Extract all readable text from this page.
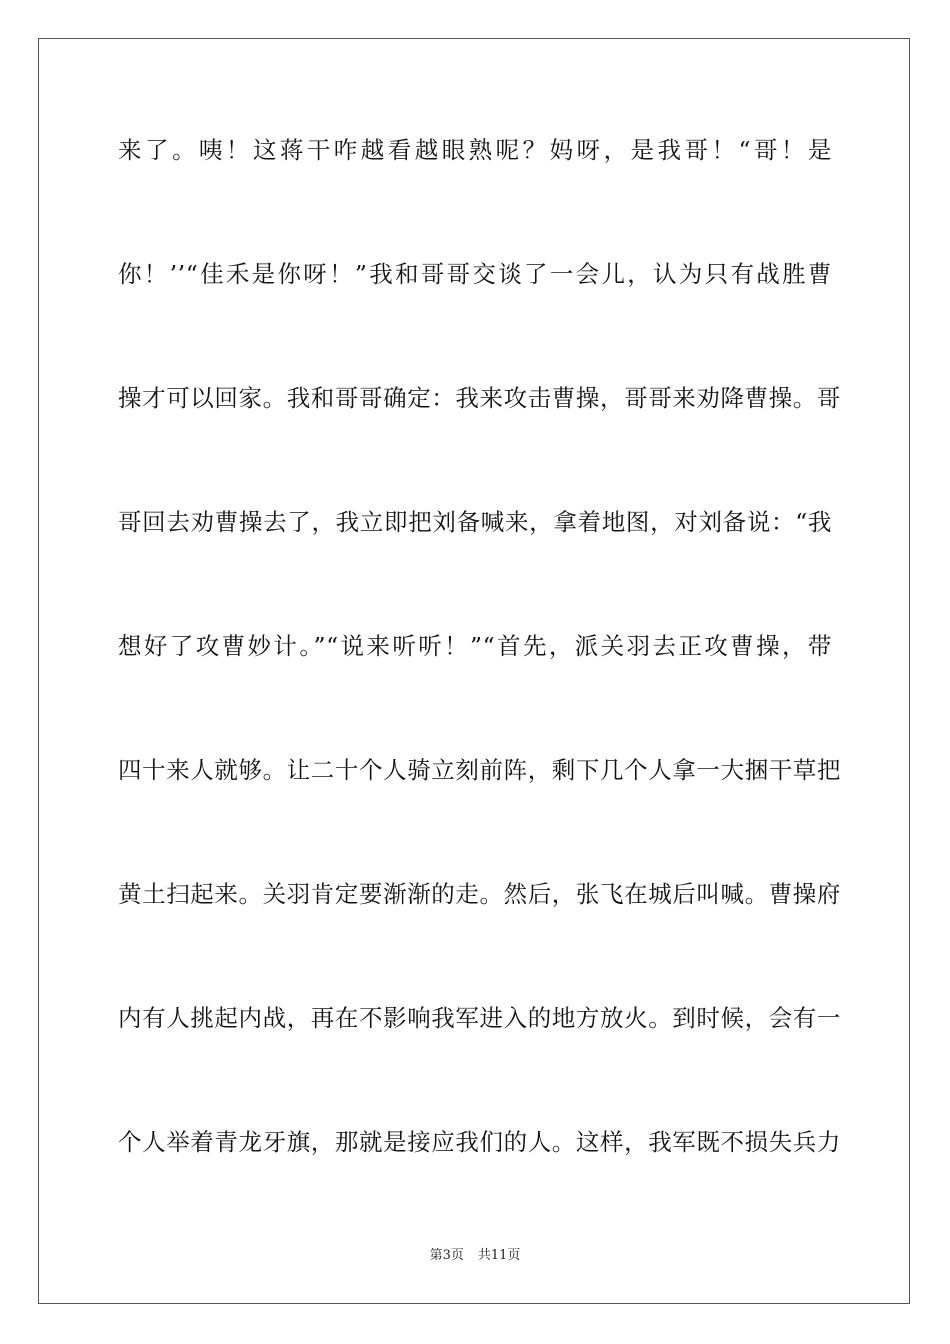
来了。咦！这蒋干咋越看越眼熟呢？妈呀，是我哥！“哥！是
你！’’“佳禾是你呀！”我和哥哥交谈了一会儿，认为只有战胜曹
操才可以回家。我和哥哥确定：我来攻击曹操，哥哥来劝降曹操。哥
哥回去劝曹操去了，我立即把刘备喊来，拿着地图，对刘备说：“我
想好了攻曹妙计。”“说来听听！”“首先，派关羽去正攻曹操，带
四十来人就够。让二十个人骑立刻前阵，剩下几个人拿一大捆干草把
黄土扫起来。关羽肯定要渐渐的走。然后，张飞在城后叫喊。曹操府
内有人挑起内战，再在不影响我军进入的地方放火。到时候，会有一
个人举着青龙牙旗，那就是接应我们的人。这样，我军既不损失兵力
第3页 共11页
